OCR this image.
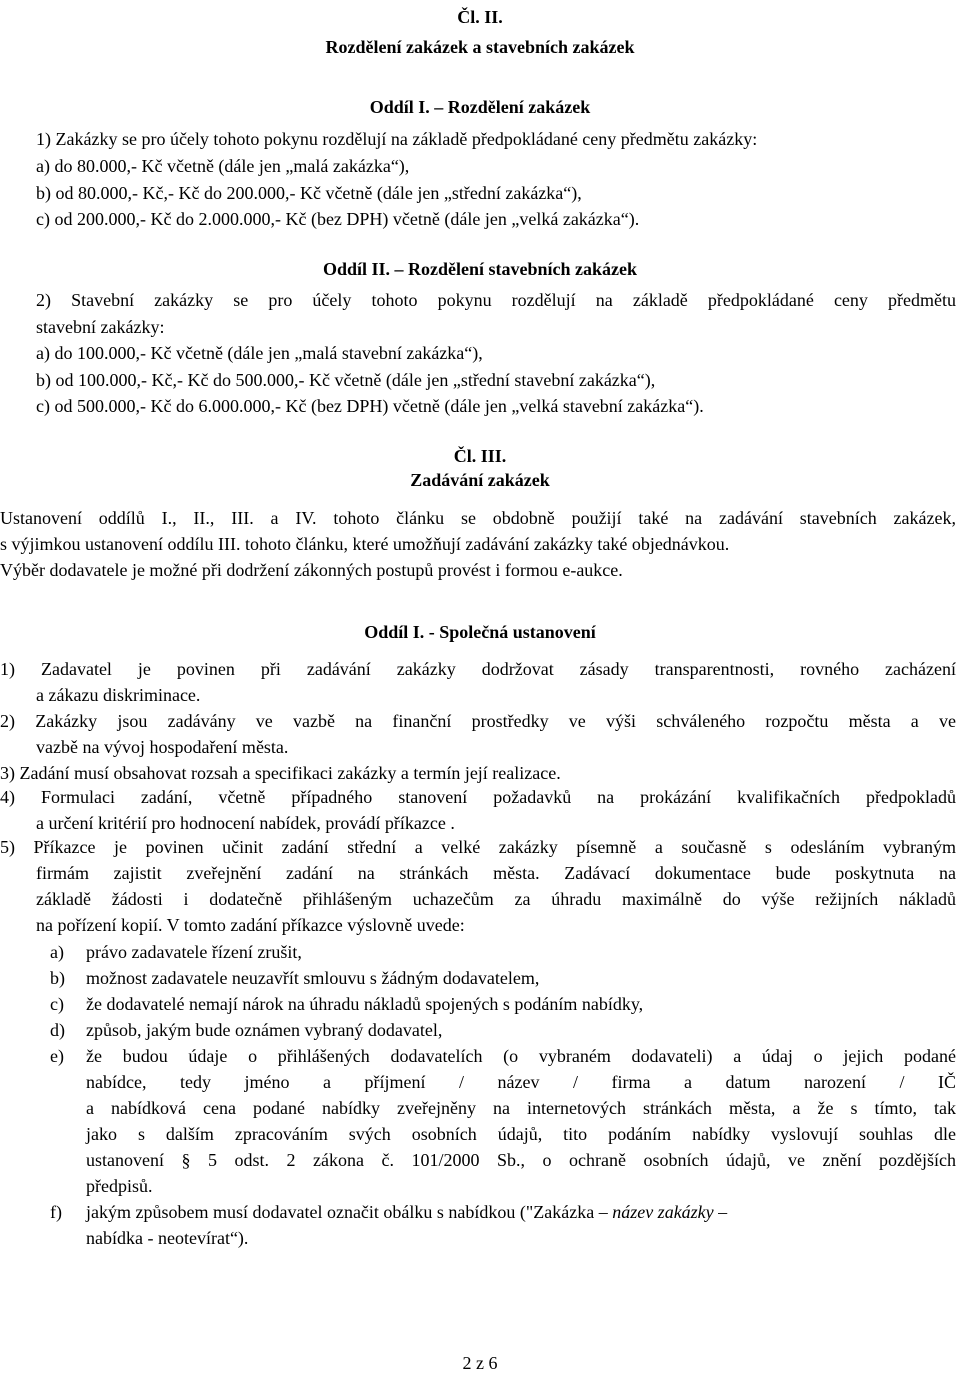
Čl. II.
Rozdělení zakázek a stavebních zakázek
Oddíl I. – Rozdělení zakázek
1) Zakázky se pro účely tohoto pokynu rozdělují na základě předpokládané ceny předmětu zakázky:
a) do 80.000,- Kč včetně (dále jen „malá zakázka“),
b) od 80.000,- Kč,- Kč do 200.000,- Kč včetně (dále jen „střední zakázka“),
c) od 200.000,- Kč do 2.000.000,- Kč (bez DPH) včetně (dále jen „velká zakázka“).
Oddíl II. – Rozdělení stavebních zakázek
2) Stavební zakázky se pro účely tohoto pokynu rozdělují na základě předpokládané ceny předmětu
stavební zakázky:
a) do 100.000,- Kč včetně (dále jen „malá stavební zakázka“),
b) od 100.000,- Kč,- Kč do 500.000,- Kč včetně (dále jen „střední stavební zakázka“),
c) od 500.000,- Kč do 6.000.000,- Kč (bez DPH) včetně (dále jen „velká stavební zakázka“).
Čl. III.
Zadávání zakázek
Ustanovení oddílů I., II., III. a IV. tohoto článku se obdobně použijí také na zadávání stavebních zakázek,
s výjimkou ustanovení oddílu III. tohoto článku, které umožňují zadávání zakázky také objednávkou.
Výběr dodavatele je možné při dodržení zákonných postupů provést i formou e-aukce.
Oddíl I. - Společná ustanovení
1) Zadavatel je povinen při zadávání zakázky dodržovat zásady transparentnosti, rovného zacházení
a zákazu diskriminace.
2) Zakázky jsou zadávány ve vazbě na finanční prostředky ve výši schváleného rozpočtu města a ve
vazbě na vývoj hospodaření města.
3) Zadání musí obsahovat rozsah a specifikaci zakázky a termín její realizace.
4) Formulaci zadání, včetně případného stanovení požadavků na prokázání kvalifikačních předpokladů
a určení kritérií pro hodnocení nabídek, provádí příkazce .
5) Příkazce je povinen učinit zadání střední a velké zakázky písemně a současně s odesláním vybraným
firmám zajistit zveřejnění zadání na stránkách města. Zadávací dokumentace bude poskytnuta na
základě žádosti i dodatečně přihlášeným uchazečům za úhradu maximálně do výše režijních nákladů
na pořízení kopií. V tomto zadání příkazce výslovně uvede:
a) právo zadavatele řízení zrušit,
b) možnost zadavatele neuzavřít smlouvu s žádným dodavatelem,
c) že dodavatelé nemají nárok na úhradu nákladů spojených s podáním nabídky,
d) způsob, jakým bude oznámen vybraný dodavatel,
e) že budou údaje o přihlášených dodavatelích (o vybraném dodavateli) a údaj o jejich podané
nabídce, tedy jméno a příjmení / název / firma a datum narození / IČ
a nabídková cena podané nabídky zveřejněny na internetových stránkách města, a že s tímto, tak
jako s dalším zpracováním svých osobních údajů, tito podáním nabídky vyslovují souhlas dle
ustanovení § 5 odst. 2 zákona č. 101/2000 Sb., o ochraně osobních údajů, ve znění pozdějších
předpisů.
f) jakým způsobem musí dodavatel označit obálku s nabídkou ("Zakázka – název zakázky –
nabídka - neotevírat“).
2 z 6
